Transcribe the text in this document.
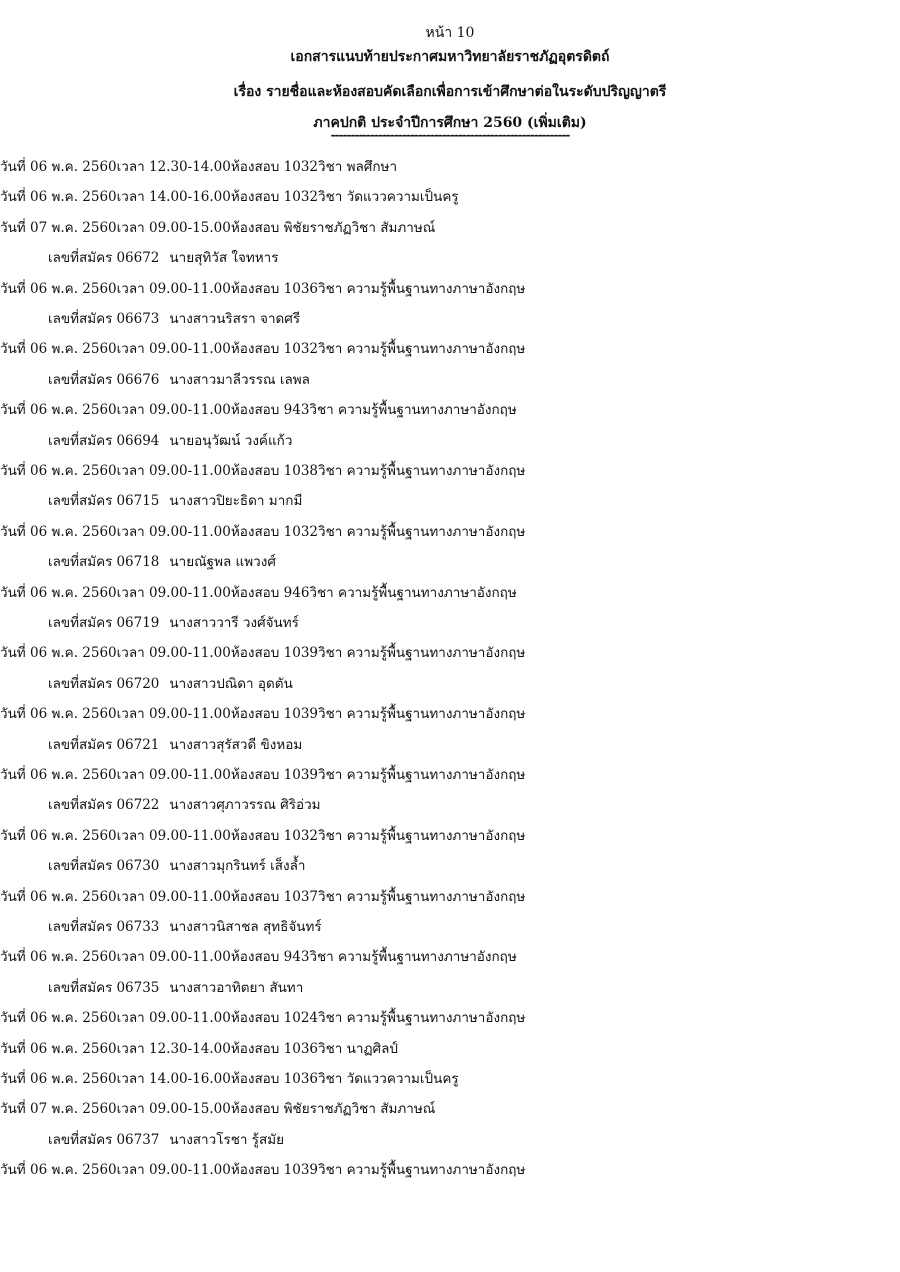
หน้า 10
เอกสารแนบท้ายประกาศมหาวิทยาลัยราชภัฏอุตรดิตถ์
เรื่อง รายชื่อและห้องสอบคัดเลือกเพื่อการเข้าศึกษาต่อในระดับปริญญาตรี
ภาคปกติ ประจำปีการศึกษา 2560 (เพิ่มเติม)
------------------------------------------------------------
วันที่ 06 พ.ค. 2560เวลา 12.30-14.00ห้องสอบ 1032วิชา พลศึกษา
วันที่ 06 พ.ค. 2560เวลา 14.00-16.00ห้องสอบ 1032วิชา วัดแววความเป็นครู
วันที่ 07 พ.ค. 2560เวลา 09.00-15.00ห้องสอบ พิชัยราชภัฏวิชา สัมภาษณ์
เลขที่สมัคร 06672 นายสุทิวัส ใจทหาร
วันที่ 06 พ.ค. 2560เวลา 09.00-11.00ห้องสอบ 1036วิชา ความรู้พื้นฐานทางภาษาอังกฤษ
เลขที่สมัคร 06673 นางสาวนริสรา จาดศรี
วันที่ 06 พ.ค. 2560เวลา 09.00-11.00ห้องสอบ 1032วิชา ความรู้พื้นฐานทางภาษาอังกฤษ
เลขที่สมัคร 06676 นางสาวมาลีวรรณ เลพล
วันที่ 06 พ.ค. 2560เวลา 09.00-11.00ห้องสอบ 943วิชา ความรู้พื้นฐานทางภาษาอังกฤษ
เลขที่สมัคร 06694 นายอนุวัฒน์ วงค์แก้ว
วันที่ 06 พ.ค. 2560เวลา 09.00-11.00ห้องสอบ 1038วิชา ความรู้พื้นฐานทางภาษาอังกฤษ
เลขที่สมัคร 06715 นางสาวปิยะธิดา มากมี
วันที่ 06 พ.ค. 2560เวลา 09.00-11.00ห้องสอบ 1032วิชา ความรู้พื้นฐานทางภาษาอังกฤษ
เลขที่สมัคร 06718 นายณัฐพล แพวงศ์
วันที่ 06 พ.ค. 2560เวลา 09.00-11.00ห้องสอบ 946วิชา ความรู้พื้นฐานทางภาษาอังกฤษ
เลขที่สมัคร 06719 นางสาววารี วงศ์จันทร์
วันที่ 06 พ.ค. 2560เวลา 09.00-11.00ห้องสอบ 1039วิชา ความรู้พื้นฐานทางภาษาอังกฤษ
เลขที่สมัคร 06720 นางสาวปณิดา อุดตัน
วันที่ 06 พ.ค. 2560เวลา 09.00-11.00ห้องสอบ 1039วิชา ความรู้พื้นฐานทางภาษาอังกฤษ
เลขที่สมัคร 06721 นางสาวสุรัสวดี ขิงหอม
วันที่ 06 พ.ค. 2560เวลา 09.00-11.00ห้องสอบ 1039วิชา ความรู้พื้นฐานทางภาษาอังกฤษ
เลขที่สมัคร 06722 นางสาวศุภาวรรณ ศิริอ่วม
วันที่ 06 พ.ค. 2560เวลา 09.00-11.00ห้องสอบ 1032วิชา ความรู้พื้นฐานทางภาษาอังกฤษ
เลขที่สมัคร 06730 นางสาวมุกรินทร์ เส็งล้ำ
วันที่ 06 พ.ค. 2560เวลา 09.00-11.00ห้องสอบ 1037วิชา ความรู้พื้นฐานทางภาษาอังกฤษ
เลขที่สมัคร 06733 นางสาวนิสาชล สุทธิจันทร์
วันที่ 06 พ.ค. 2560เวลา 09.00-11.00ห้องสอบ 943วิชา ความรู้พื้นฐานทางภาษาอังกฤษ
เลขที่สมัคร 06735 นางสาวอาทิตยา สันทา
วันที่ 06 พ.ค. 2560เวลา 09.00-11.00ห้องสอบ 1024วิชา ความรู้พื้นฐานทางภาษาอังกฤษ
วันที่ 06 พ.ค. 2560เวลา 12.30-14.00ห้องสอบ 1036วิชา นาฏศิลป์
วันที่ 06 พ.ค. 2560เวลา 14.00-16.00ห้องสอบ 1036วิชา วัดแววความเป็นครู
วันที่ 07 พ.ค. 2560เวลา 09.00-15.00ห้องสอบ พิชัยราชภัฏวิชา สัมภาษณ์
เลขที่สมัคร 06737 นางสาวโรชา รู้สมัย
วันที่ 06 พ.ค. 2560เวลา 09.00-11.00ห้องสอบ 1039วิชา ความรู้พื้นฐานทางภาษาอังกฤษ
